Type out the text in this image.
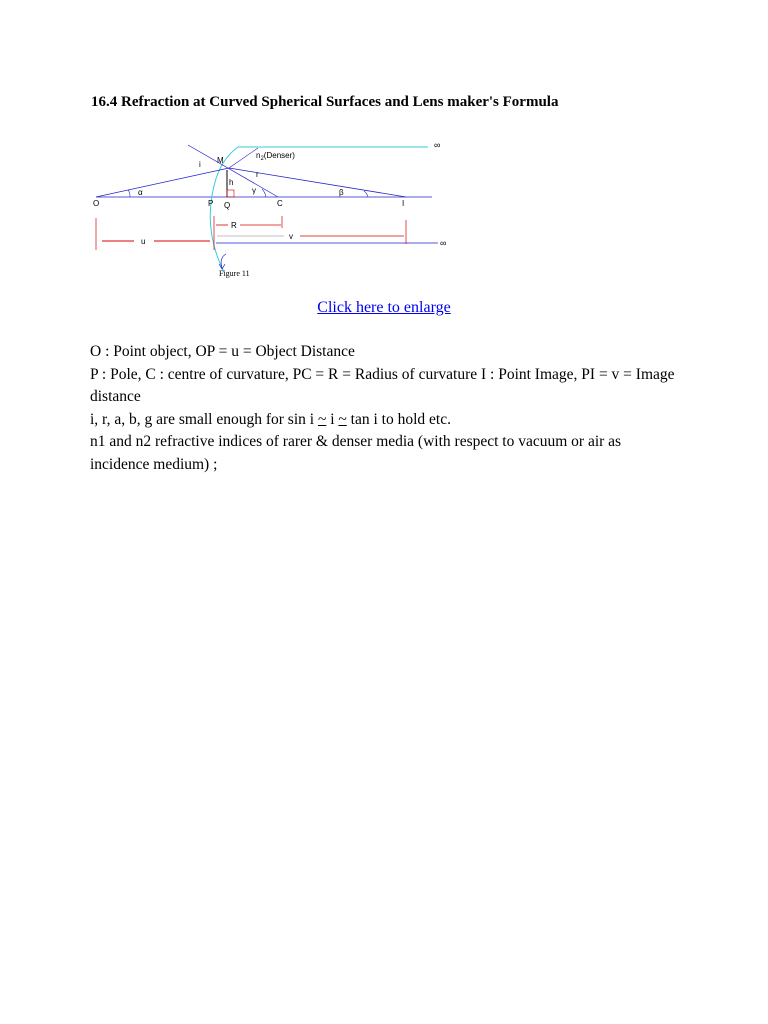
16.4 Refraction at Curved Spherical Surfaces and Lens maker's Formula
∞
∞
M
$n_2(Denser)$
i
r
h
α	γ	β
O	P Q	C	I
R
u
v
Figure 11
Click here to enlarge

O : Point object, OP = u = Object Distance

P : Pole, C : centre of curvature, PC = R = Radius of curvature I : Point Image, PI = v = Image distance

i, r, a, b, g are small enough for sin i ~ i ~ tan i to hold etc.

n1 and n2 refractive indices of rarer & denser media (with respect to vacuum or air as incidence medium) ;
